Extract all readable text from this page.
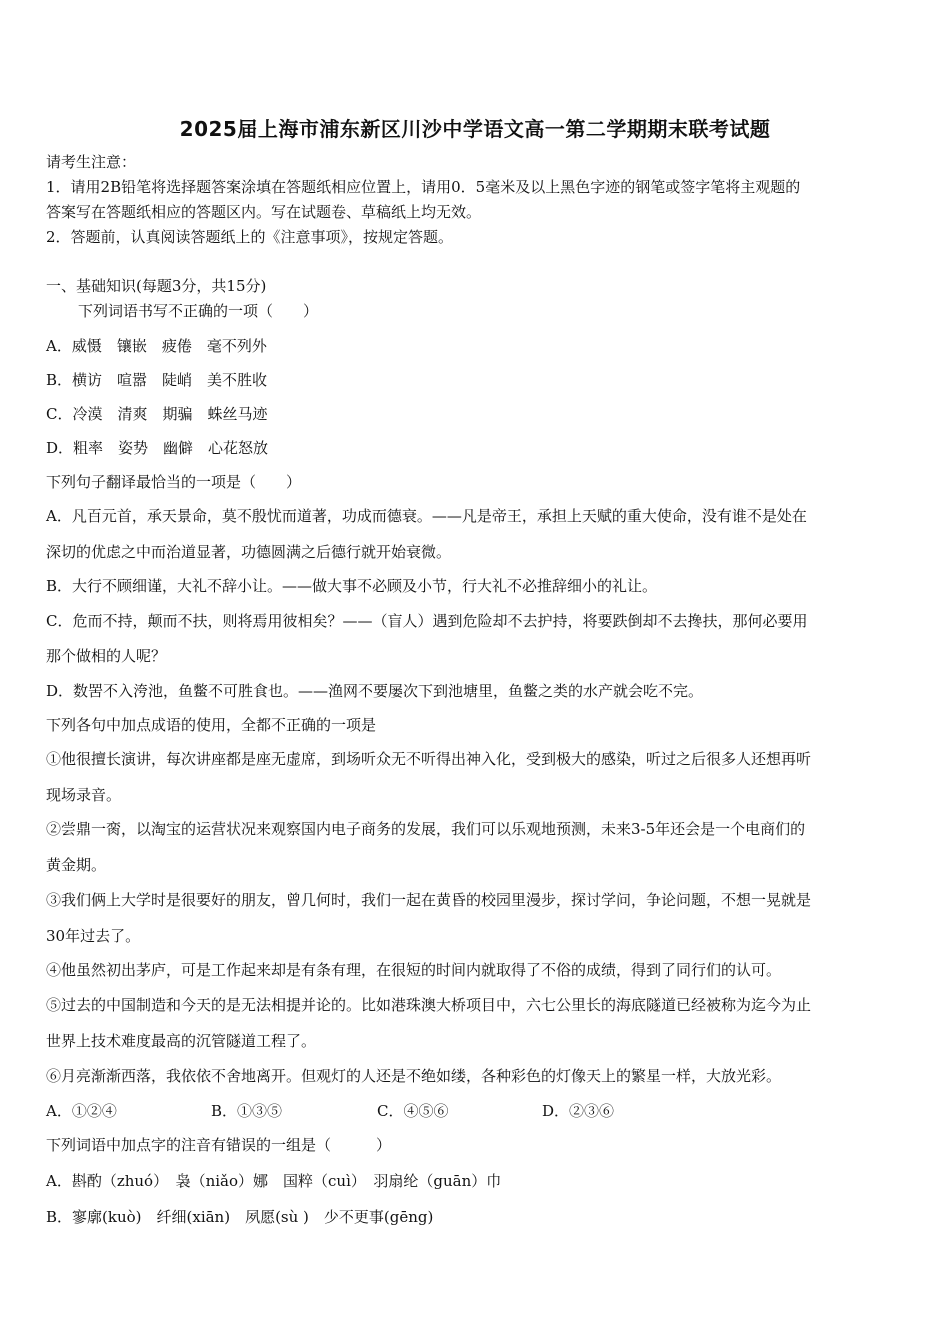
2025届上海市浦东新区川沙中学语文高一第二学期期末联考试题
请考生注意：
1．请用2B铅笔将选择题答案涂填在答题纸相应位置上，请用0．5毫米及以上黑色字迹的钢笔或签字笔将主观题的
答案写在答题纸相应的答题区内。写在试题卷、草稿纸上均无效。
2．答题前，认真阅读答题纸上的《注意事项》，按规定答题。
一、基础知识(每题3分，共15分)
下列词语书写不正确的一项（　　）
A．威慑　镶嵌　疲倦　毫不列外
B．横访　喧嚣　陡峭　美不胜收
C．冷漠　清爽　期骗　蛛丝马迹
D．粗率　姿势　幽僻　心花怒放
下列句子翻译最恰当的一项是（　　）
A．凡百元首，承天景命，莫不殷忧而道著，功成而德衰。——凡是帝王，承担上天赋的重大使命，没有谁不是处在
深切的优虑之中而治道显著，功德圆满之后德行就开始衰微。
B．大行不顾细谨，大礼不辞小让。——做大事不必顾及小节，行大礼不必推辞细小的礼让。
C．危而不持，颠而不扶，则将焉用彼相矣？——（盲人）遇到危险却不去护持，将要跌倒却不去搀扶，那何必要用
那个做相的人呢？
D．数罟不入洿池，鱼鳖不可胜食也。——渔网不要屡次下到池塘里，鱼鳖之类的水产就会吃不完。
下列各句中加点成语的使用，全都不正确的一项是
①他很擅长演讲，每次讲座都是座无虚席，到场听众无不听得出神入化，受到极大的感染，听过之后很多人还想再听
现场录音。
②尝鼎一脔，以淘宝的运营状况来观察国内电子商务的发展，我们可以乐观地预测，未来3-5年还会是一个电商们的
黄金期。
③我们俩上大学时是很要好的朋友，曾几何时，我们一起在黄昏的校园里漫步，探讨学问，争论问题，不想一晃就是
30年过去了。
④他虽然初出茅庐，可是工作起来却是有条有理，在很短的时间内就取得了不俗的成绩，得到了同行们的认可。
⑤过去的中国制造和今天的是无法相提并论的。比如港珠澳大桥项目中，六七公里长的海底隧道已经被称为迄今为止
世界上技术难度最高的沉管隧道工程了。
⑥月亮渐渐西落，我依依不舍地离开。但观灯的人还是不绝如缕，各种彩色的灯像天上的繁星一样，大放光彩。
A．①②④	B．①③⑤	C．④⑤⑥	D．②③⑥
下列词语中加点字的注音有错误的一组是（　　　）
A．斟酌（zhuó）　袅（niǎo）娜　国粹（cuì）　羽扇纶（guān）巾
B．寥廓(kuò)　纤细(xiān)　夙愿(sù )　少不更事(gēng)
